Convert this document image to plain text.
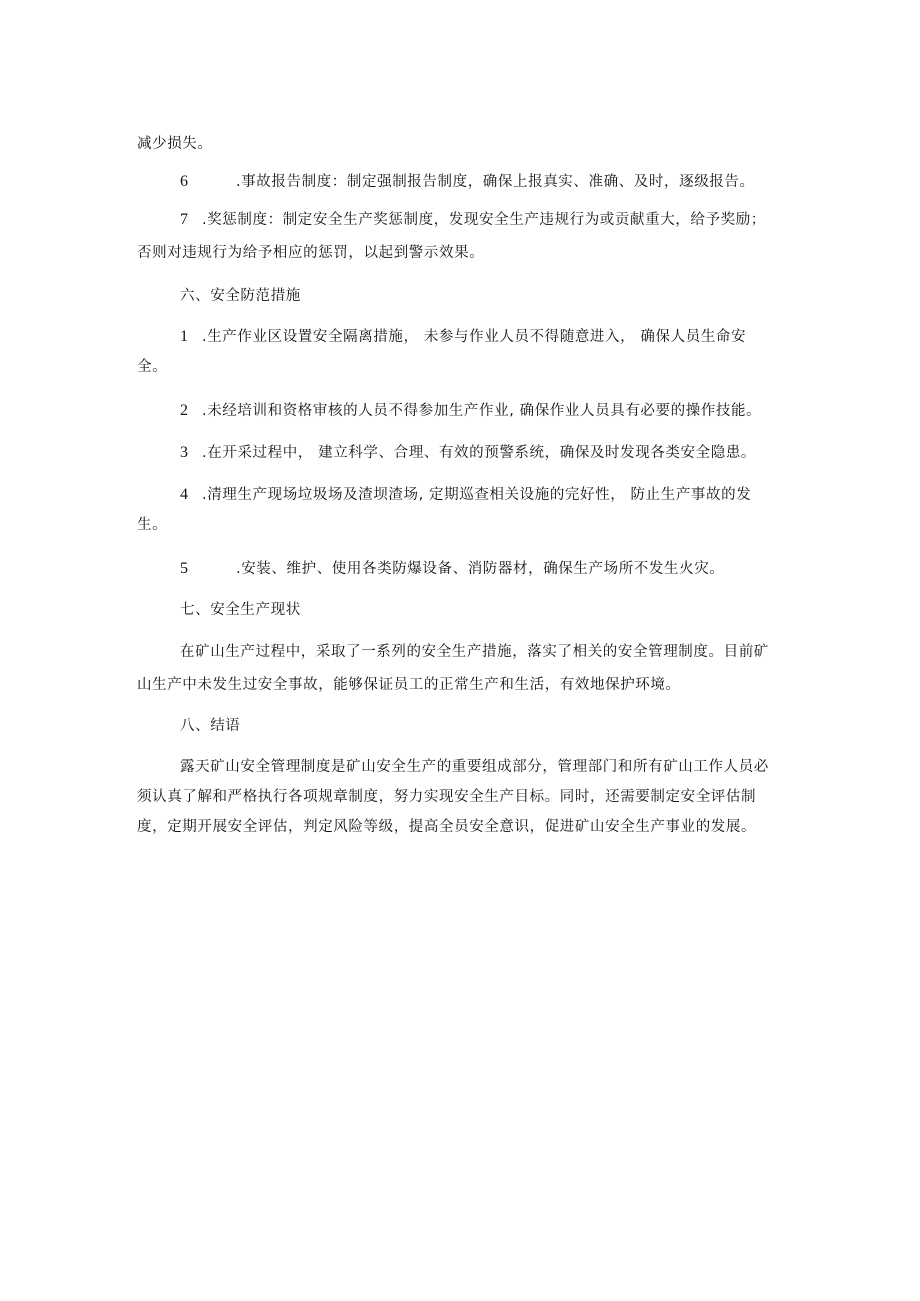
减少损失。
6	.事故报告制度：制定强制报告制度，确保上报真实、准确、及时，逐级报告。
7 .奖惩制度：制定安全生产奖惩制度，发现安全生产违规行为或贡献重大，给予奖励；
否则对违规行为给予相应的惩罚，以起到警示效果。
六、安全防范措施
1 .生产作业区设置安全隔离措施， 未参与作业人员不得随意进入， 确保人员生命安
全。
2 .未经培训和资格审核的人员不得参加生产作业, 确保作业人员具有必要的操作技能。
3 .在开采过程中， 建立科学、合理、有效的预警系统，确保及时发现各类安全隐患。
4 .清理生产现场垃圾场及渣坝渣场, 定期巡查相关设施的完好性， 防止生产事故的发
生。
5	.安装、维护、使用各类防爆设备、消防器材，确保生产场所不发生火灾。
七、安全生产现状
在矿山生产过程中，采取了一系列的安全生产措施，落实了相关的安全管理制度。目前矿
山生产中未发生过安全事故，能够保证员工的正常生产和生活，有效地保护环境。
八、结语
露天矿山安全管理制度是矿山安全生产的重要组成部分，管理部门和所有矿山工作人员必
须认真了解和严格执行各项规章制度，努力实现安全生产目标。同时，还需要制定安全评估制
度，定期开展安全评估，判定风险等级，提高全员安全意识，促进矿山安全生产事业的发展。
